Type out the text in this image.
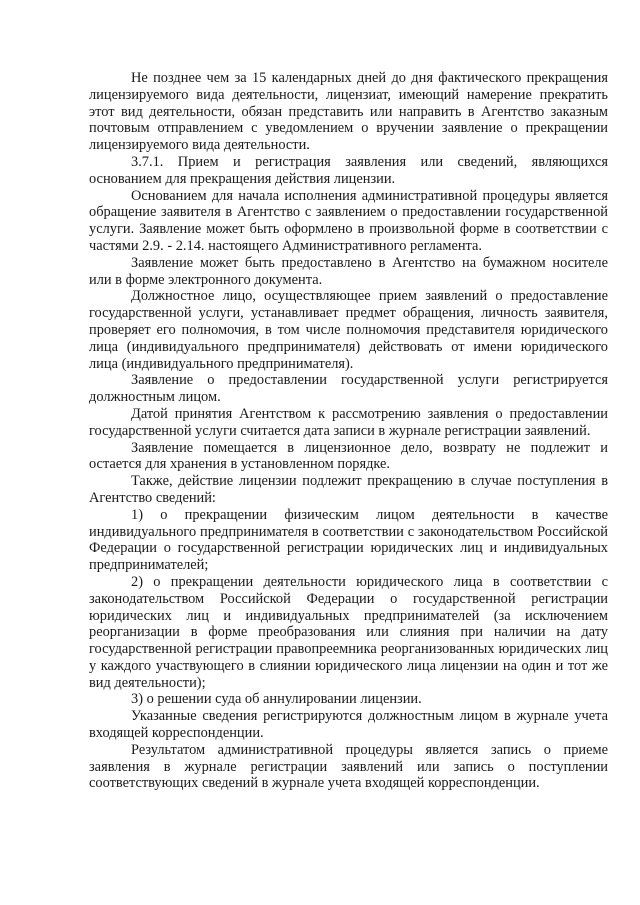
Не позднее чем за 15 календарных дней до дня фактического прекращения лицензируемого вида деятельности, лицензиат, имеющий намерение прекратить этот вид деятельности, обязан представить или направить в Агентство заказным почтовым отправлением с уведомлением о вручении заявление о прекращении лицензируемого вида деятельности.

3.7.1. Прием и регистрация заявления или сведений, являющихся основанием для прекращения действия лицензии.

Основанием для начала исполнения административной процедуры является обращение заявителя в Агентство с заявлением о предоставлении государственной услуги. Заявление может быть оформлено в произвольной форме в соответствии с частями 2.9. - 2.14. настоящего Административного регламента.

Заявление может быть предоставлено в Агентство на бумажном носителе или в форме электронного документа.

Должностное лицо, осуществляющее прием заявлений о предоставление государственной услуги, устанавливает предмет обращения, личность заявителя, проверяет его полномочия, в том числе полномочия представителя юридического лица (индивидуального предпринимателя) действовать от имени юридического лица (индивидуального предпринимателя).

Заявление о предоставлении государственной услуги регистрируется должностным лицом.

Датой принятия Агентством к рассмотрению заявления о предоставлении государственной услуги считается дата записи в журнале регистрации заявлений.

Заявление помещается в лицензионное дело, возврату не подлежит и остается для хранения в установленном порядке.

Также, действие лицензии подлежит прекращению в случае поступления в Агентство сведений:

1) о прекращении физическим лицом деятельности в качестве индивидуального предпринимателя в соответствии с законодательством Российской Федерации о государственной регистрации юридических лиц и индивидуальных предпринимателей;

2) о прекращении деятельности юридического лица в соответствии с законодательством Российской Федерации о государственной регистрации юридических лиц и индивидуальных предпринимателей (за исключением реорганизации в форме преобразования или слияния при наличии на дату государственной регистрации правопреемника реорганизованных юридических лиц у каждого участвующего в слиянии юридического лица лицензии на один и тот же вид деятельности);

3) о решении суда об аннулировании лицензии.

Указанные сведения регистрируются должностным лицом в журнале учета входящей корреспонденции.

Результатом административной процедуры является запись о приеме заявления в журнале регистрации заявлений или запись о поступлении соответствующих сведений в журнале учета входящей корреспонденции.
